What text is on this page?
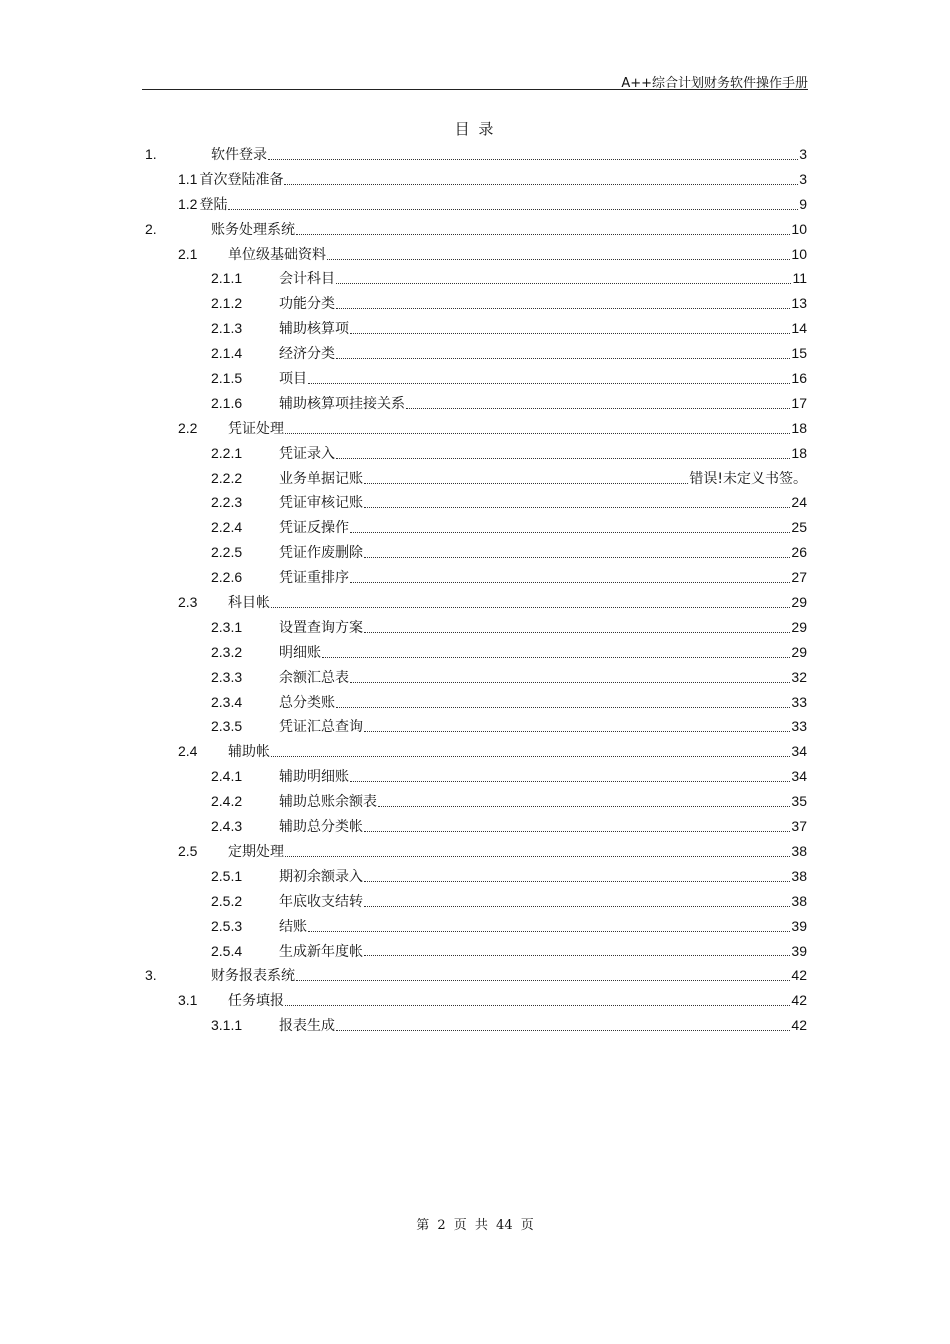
A++综合计划财务软件操作手册
目 录
1.	软件登录	3
1.1 首次登陆准备	3
1.2 登陆	9
2.	账务处理系统	10
2.1	单位级基础资料	10
2.1.1	会计科目	11
2.1.2	功能分类	13
2.1.3	辅助核算项	14
2.1.4	经济分类	15
2.1.5	项目	16
2.1.6	辅助核算项挂接关系	17
2.2	凭证处理	18
2.2.1	凭证录入	18
2.2.2	业务单据记账	错误!未定义书签。
2.2.3	凭证审核记账	24
2.2.4	凭证反操作	25
2.2.5	凭证作废删除	26
2.2.6	凭证重排序	27
2.3	科目帐	29
2.3.1	设置查询方案	29
2.3.2	明细账	29
2.3.3	余额汇总表	32
2.3.4	总分类账	33
2.3.5	凭证汇总查询	33
2.4	辅助帐	34
2.4.1	辅助明细账	34
2.4.2	辅助总账余额表	35
2.4.3	辅助总分类帐	37
2.5	定期处理	38
2.5.1	期初余额录入	38
2.5.2	年底收支结转	38
2.5.3	结账	39
2.5.4	生成新年度帐	39
3.	财务报表系统	42
3.1	任务填报	42
3.1.1	报表生成	42
第 2 页 共 44 页
